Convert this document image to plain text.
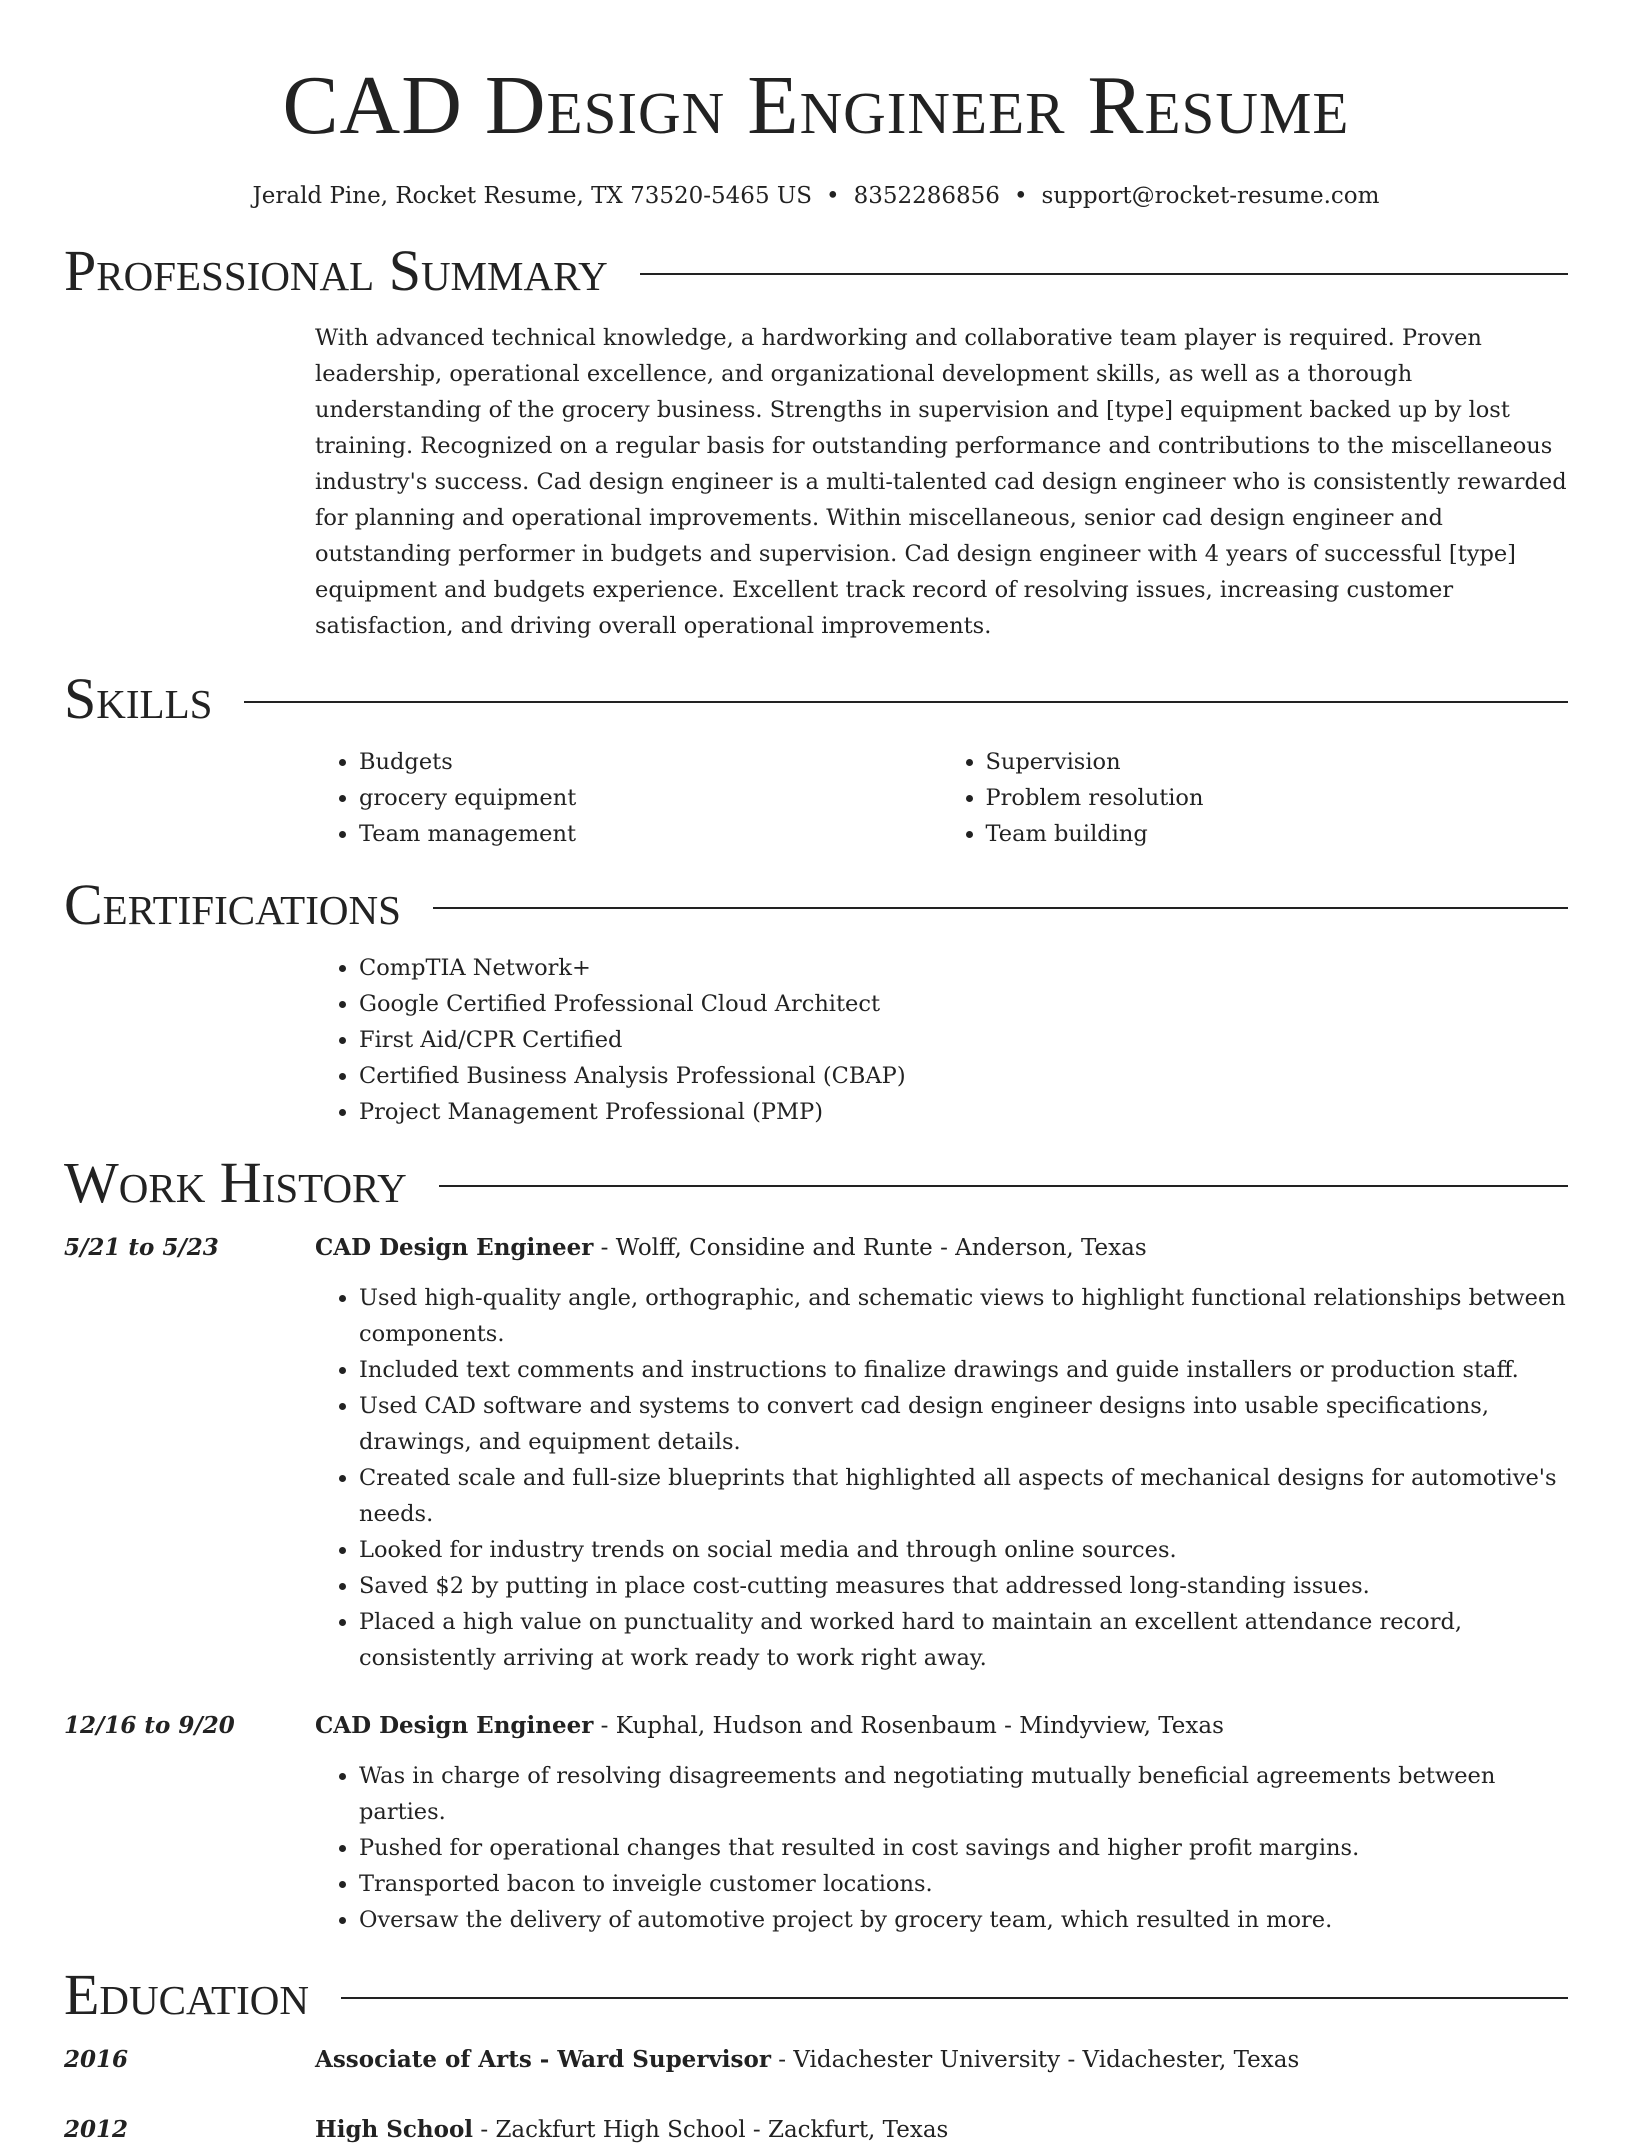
CAD Design Engineer Resume
Jerald Pine, Rocket Resume, TX 73520-5465 US • 8352286856 • support@rocket-resume.com
Professional Summary
With advanced technical knowledge, a hardworking and collaborative team player is required. Proven leadership, operational excellence, and organizational development skills, as well as a thorough understanding of the grocery business. Strengths in supervision and [type] equipment backed up by lost training. Recognized on a regular basis for outstanding performance and contributions to the miscellaneous industry's success. Cad design engineer is a multi-talented cad design engineer who is consistently rewarded for planning and operational improvements. Within miscellaneous, senior cad design engineer and outstanding performer in budgets and supervision. Cad design engineer with 4 years of successful [type] equipment and budgets experience. Excellent track record of resolving issues, increasing customer satisfaction, and driving overall operational improvements.
Skills
• Budgets
• grocery equipment
• Team management
• Supervision
• Problem resolution
• Team building
Certifications
• CompTIA Network+
• Google Certified Professional Cloud Architect
• First Aid/CPR Certified
• Certified Business Analysis Professional (CBAP)
• Project Management Professional (PMP)
Work History
5/21 to 5/23	CAD Design Engineer - Wolff, Considine and Runte - Anderson, Texas
• Used high-quality angle, orthographic, and schematic views to highlight functional relationships between components.
• Included text comments and instructions to finalize drawings and guide installers or production staff.
• Used CAD software and systems to convert cad design engineer designs into usable specifications, drawings, and equipment details.
• Created scale and full-size blueprints that highlighted all aspects of mechanical designs for automotive's needs.
• Looked for industry trends on social media and through online sources.
• Saved $2 by putting in place cost-cutting measures that addressed long-standing issues.
• Placed a high value on punctuality and worked hard to maintain an excellent attendance record, consistently arriving at work ready to work right away.
12/16 to 9/20	CAD Design Engineer - Kuphal, Hudson and Rosenbaum - Mindyview, Texas
• Was in charge of resolving disagreements and negotiating mutually beneficial agreements between parties.
• Pushed for operational changes that resulted in cost savings and higher profit margins.
• Transported bacon to inveigle customer locations.
• Oversaw the delivery of automotive project by grocery team, which resulted in more.
Education
2016	Associate of Arts - Ward Supervisor - Vidachester University - Vidachester, Texas
2012	High School - Zackfurt High School - Zackfurt, Texas
